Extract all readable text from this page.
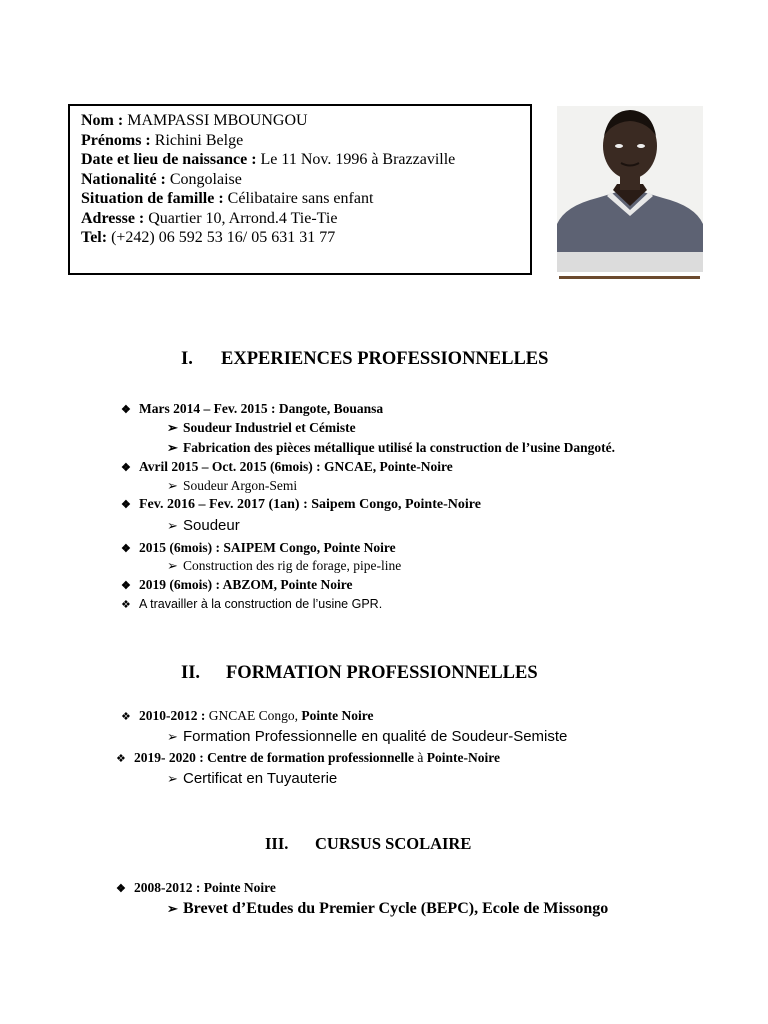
Nom : MAMPASSI MBOUNGOU
Prénoms : Richini Belge
Date et lieu de naissance : Le 11 Nov. 1996 à Brazzaville
Nationalité : Congolaise
Situation de famille : Célibataire sans enfant
Adresse : Quartier 10, Arrond.4 Tie-Tie
Tel: (+242) 06 592 53 16/ 05 631 31 77
I. EXPERIENCES PROFESSIONNELLES
❖ Mars 2014 – Fev. 2015 : Dangote, Bouansa
➢ Soudeur Industriel et Cémiste
➢ Fabrication des pièces métallique utilisé la construction de l’usine Dangoté.
❖ Avril 2015 – Oct. 2015 (6mois) : GNCAE, Pointe-Noire
➢ Soudeur Argon-Semi
❖ Fev. 2016 – Fev. 2017 (1an) : Saipem Congo, Pointe-Noire
➢ Soudeur
❖ 2015 (6mois) : SAIPEM Congo, Pointe Noire
➢ Construction des rig de forage, pipe-line
❖ 2019 (6mois) : ABZOM, Pointe Noire
❖ A travailler à la construction de l’usine GPR.
II. FORMATION PROFESSIONNELLES
❖ 2010-2012 : GNCAE Congo, Pointe Noire
➢ Formation Professionnelle en qualité de Soudeur-Semiste
❖ 2019- 2020 : Centre de formation professionnelle à Pointe-Noire
➢ Certificat en Tuyauterie
III. CURSUS SCOLAIRE
❖ 2008-2012 : Pointe Noire
➢ Brevet d’Etudes du Premier Cycle (BEPC), Ecole de Missongo
